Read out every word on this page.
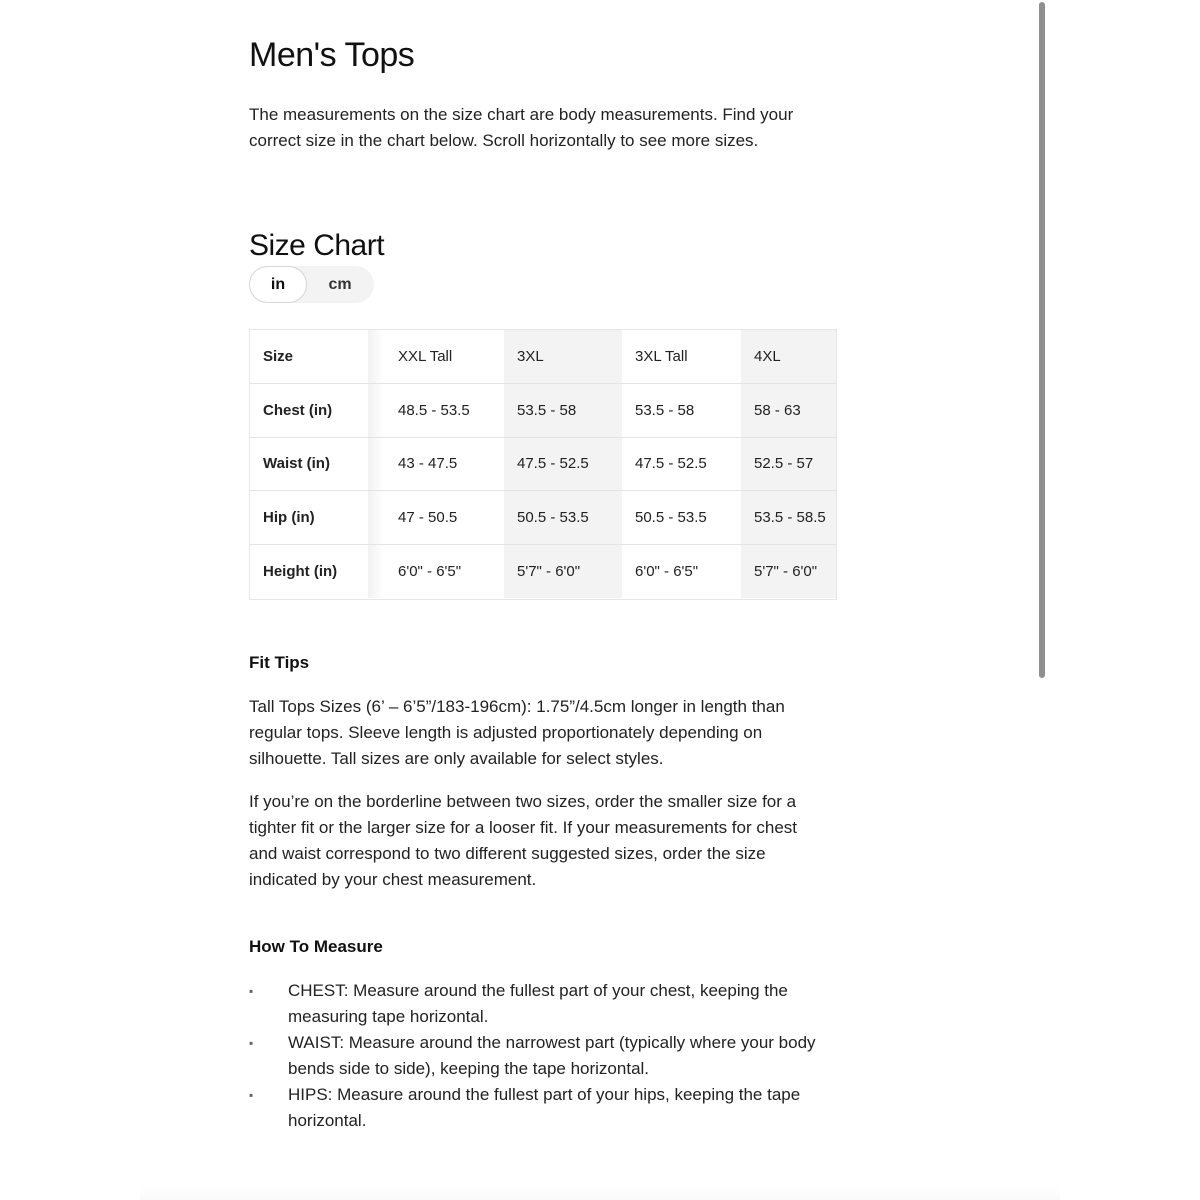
Men's Tops

The measurements on the size chart are body measurements. Find your correct size in the chart below. Scroll horizontally to see more sizes.

Size Chart
in	cm
Size		XXL Tall	3XL	3XL Tall	4XL
Chest (in)		48.5 - 53.5	53.5 - 58	53.5 - 58	58 - 63
Waist (in)		43 - 47.5	47.5 - 52.5	47.5 - 52.5	52.5 - 57
Hip (in)		47 - 50.5	50.5 - 53.5	50.5 - 53.5	53.5 - 58.5
Height (in)		6'0" - 6'5"	5'7" - 6'0"	6'0" - 6'5"	5'7" - 6'0"
Fit Tips

Tall Tops Sizes (6’ – 6’5”/183-196cm): 1.75”/4.5cm longer in length than regular tops. Sleeve length is adjusted proportionately depending on silhouette. Tall sizes are only available for select styles.

If you’re on the borderline between two sizes, order the smaller size for a tighter fit or the larger size for a looser fit. If your measurements for chest and waist correspond to two different suggested sizes, order the size indicated by your chest measurement.

How To Measure
▪	CHEST: Measure around the fullest part of your chest, keeping the measuring tape horizontal.
▪	WAIST: Measure around the narrowest part (typically where your body bends side to side), keeping the tape horizontal.
▪	HIPS: Measure around the fullest part of your hips, keeping the tape horizontal.
